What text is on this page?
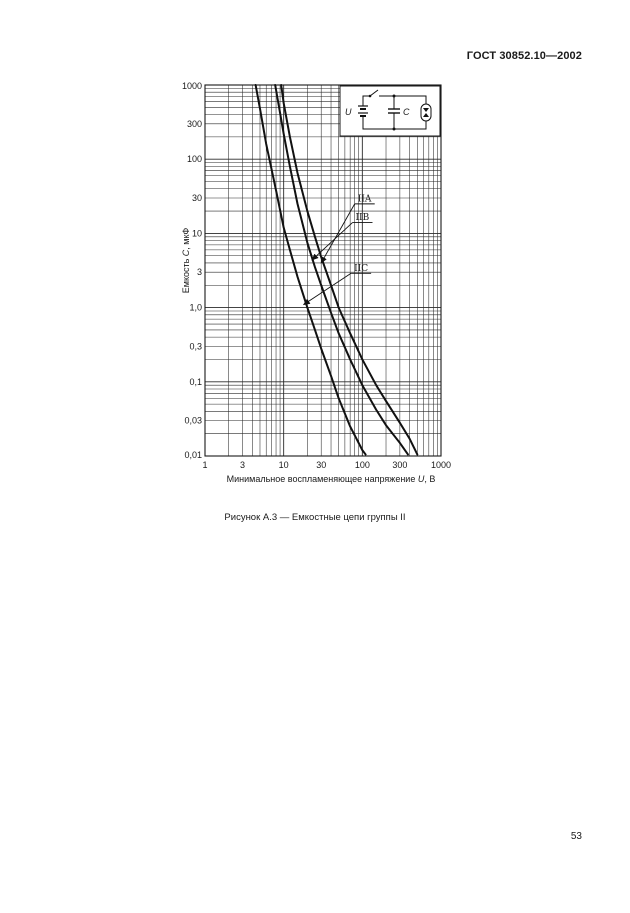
ГОСТ 30852.10—2002
1	3	10	30	100	300	1000
0,01
0,03
0,1
0,3
1,0
3
10
30
100
300
1000
IIA
IIB
IIC
U	C
Минимальное воспламеняющее напряжение U, В
Емкость С, мкФ
Рисунок А.3 — Емкостные цепи группы II
53
